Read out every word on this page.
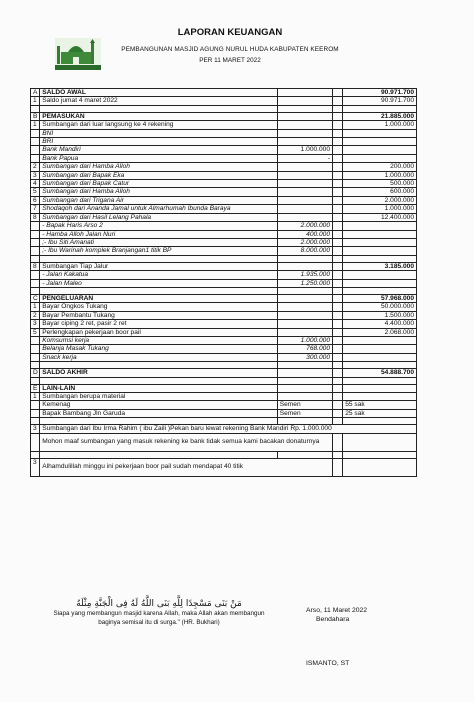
LAPORAN KEUANGAN
PEMBANGUNAN MASJID AGUNG NURUL HUDA KABUPATEN KEEROM
PER 11 MARET 2022
A	SALDO AWAL			90.971.700
1	Saldo jumat 4 maret 2022			90.971.700

B	PEMASUKAN			21.885.000
1	Sumbangan dari luar langsung ke 4 rekening			1.000.000
	BNI			
	BRI			
	Bank Mandiri	1.000.000		
	Bank Papua	-		
2	Sumbangan dari Hamba Alloh			200.000
3	Sumbangan dari Bapak Eka			1.000.000
4	Sumbangan dari Bapak Catur			500.000
5	Sumbangan dari Hamba Alloh			600.000
6	Sumbangan dari Trigana Air			2.000.000
7	Shodaqoh dari Ananda Jamal untuk Almarhumah Ibunda Baraya			1.000.000
8	Sumbangan dari Hasil Lelang Pahala			12.400.000
	- Bapak Haris Arso 2	2.000.000		
	- Hamba Alloh Jalan Nuri	400.000		
	;- Ibu Siti Amanati	2.000.000		
	;- Ibu Warinah komplek Branjangan1 titik BP	8.000.000		

8	Sumbangan Tiap Jalur			3.185.000
	- Jalan Kakatua	1.935.000		
	- Jalan Maleo	1.250.000		

C	PENGELUARAN			57.968.000
1	Bayar Ongkos Tukang			50.000.000
2	Bayar Pembantu Tukang			1.500.000
3	Bayar ciping 2 ret, pasir 2 ret			4.400.000
5	Perlengkapan pekerjaan boor pail			2.068.000
	Komsumsi kerja	1.000.000		
	Belanja Masak Tukang	768.000		
	Snack kerja	300.000		

D	SALDO AKHIR			54.888.700

E	LAIN-LAIN			
1	Sumbangan berupa material			
	Kemenag	Semen		55 sak
	Bapak Bambang Jln Garuda	Semen		25 sak

3	Sumbangan dari Ibu Irma Rahim ( ibu Zaili )Pekan baru lewat rekening Bank Mandiri Rp. 1.000.000			
	Mohon maaf sumbangan yang masuk rekening ke bank tidak semua kami bacakan donaturnya			

3	Alhamdulillah minggu ini pekerjaan boor pail sudah mendapat 40 titik			
مَنْ بَنَى مَسْجِدًا لِلَّهِ بَنَى اللَّهُ لَهُ فِى الْجَنَّةِ مِثْلَهُ
Siapa yang membangun masjid karena Allah, maka Allah akan membangun baginya semisal itu di surga." (HR. Bukhari)
Arso, 11 Maret 2022
Bendahara
ISMANTO, ST
